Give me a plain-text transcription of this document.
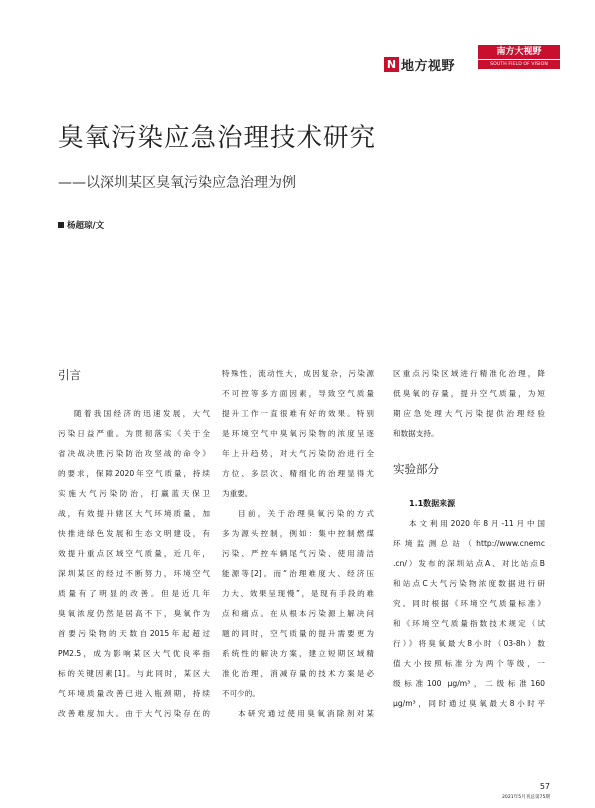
N 地方视野
南方大视野
SOUTH FIELD OF VISION
臭氧污染应急治理技术研究
——以深圳某区臭氧污染应急治理为例
杨超琼/文
引言
随着我国经济的迅速发展，大气
污染日益严重。为贯彻落实《关于全
省决战决胜污染防治攻坚战的命令》
的要求，保障2020年空气质量，持续
实施大气污染防治，打赢蓝天保卫
战，有效提升辖区大气环境质量，加
快推进绿色发展和生态文明建设，有
效提升重点区域空气质量，近几年，
深圳某区的经过不断努力，环境空气
质量有了明显的改善。但是近几年
臭氧浓度仍然是居高不下，臭氧作为
首要污染物的天数自2015年起超过
PM2.5，成为影响某区大气优良率指
标的关键因素[1]。与此同时，某区大
气环境质量改善已进入瓶颈期，持续
改善难度加大。由于大气污染存在的
特殊性，流动性大，成因复杂，污染源
不可控等多方面因素，导致空气质量
提升工作一直很难有好的效果。特别
是环境空气中臭氧污染物的浓度呈逐
年上升趋势，对大气污染防治进行全
方位、多层次、精细化的治理显得尤
为重要。
目前，关于治理臭氧污染的方式
多为源头控制，例如：集中控制燃煤
污染、严控车辆尾气污染、使用清洁
能源等[2]。而“治理难度大、经济压
力大、效果呈现慢”，是现有手段的难
点和痛点。在从根本污染源上解决问
题的同时，空气质量的提升需要更为
系统性的解决方案，建立短期区域精
准化治理，消减存量的技术方案是必
不可少的。
本研究通过使用臭氧消除剂对某
区重点污染区域进行精准化治理，降
低臭氧的存量，提升空气质量，为短
期应急处理大气污染提供治理经验
和数据支持。
实验部分
1.1数据来源
本文利用2020年8月-11月中国
环境监测总站（http://www.cnemc
.cn/）发布的深圳站点A、对比站点B
和站点C大气污染物浓度数据进行研
究。同时根据《环境空气质量标准》
和《环境空气质量指数技术规定（试
行）》将臭氧最大8小时（03-8h）数
值大小按照标准分为两个等级，一
级标准100 μg/m³，二级标准160
μg/m³，同时通过臭氧最大8小时平
57
2021年5月刊总第75期
